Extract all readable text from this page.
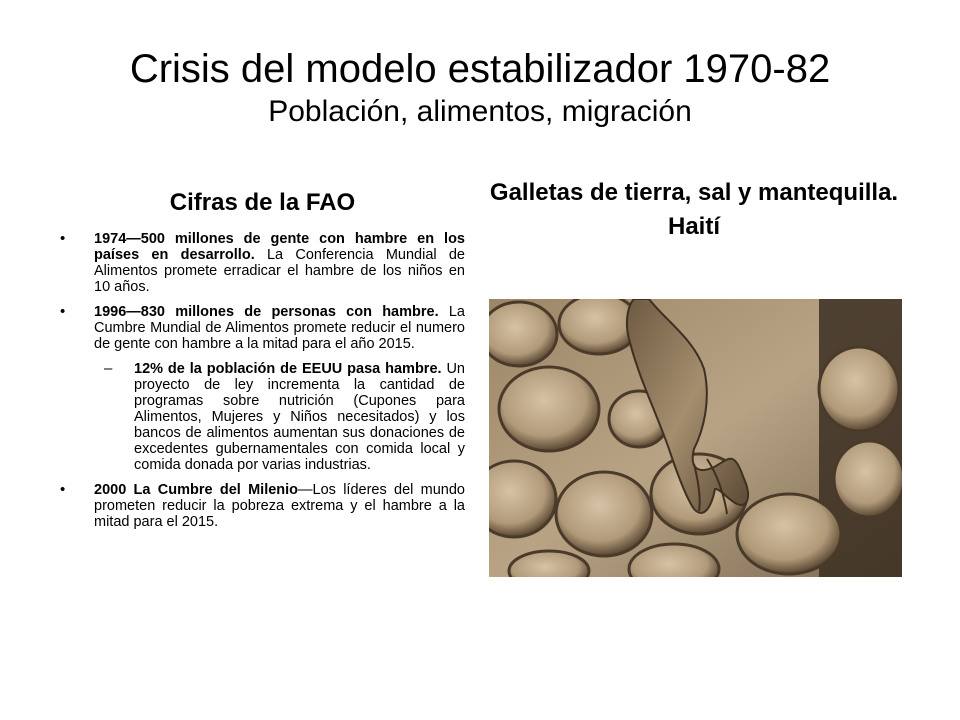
Crisis del modelo estabilizador 1970-82
Población, alimentos, migración
Cifras de la FAO
• 1974—500 millones de gente con hambre en los países en desarrollo. La Conferencia Mundial de Alimentos promete erradicar el hambre de los niños en 10 años.
• 1996—830 millones de personas con hambre. La Cumbre Mundial de Alimentos promete reducir el numero de gente con hambre a la mitad para el año 2015.
– 12% de la población de EEUU pasa hambre. Un proyecto de ley incrementa la cantidad de programas sobre nutrición (Cupones para Alimentos, Mujeres y Niños necesitados) y los bancos de alimentos aumentan sus donaciones de excedentes gubernamentales con comida local y comida donada por varias industrias.
• 2000 La Cumbre del Milenio—Los líderes del mundo prometen reducir la pobreza extrema y el hambre a la mitad para el 2015.
Galletas de tierra, sal y mantequilla. Haití
